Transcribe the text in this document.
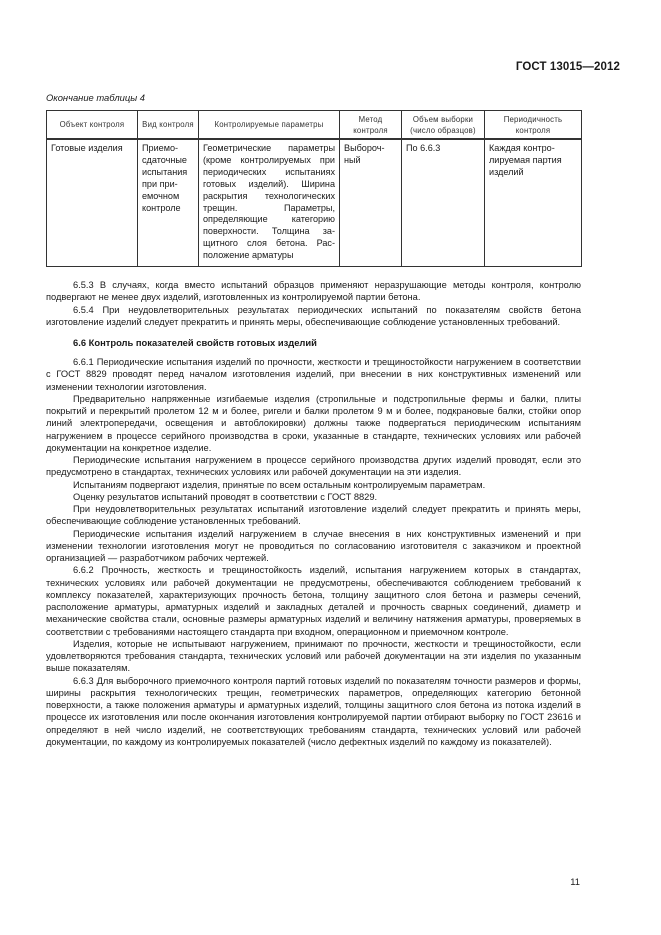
ГОСТ 13015—2012
Окончание таблицы 4
Объект контроля	Вид контроля	Контролируемые параметры	Метод контроля	Объем выборки (число образцов)	Периодичность контроля
Готовые изделия	Приемосдаточные испытания при приемочном контроле	Геометрические параметры (кроме контролируемых при периодических испытаниях готовых изделий). Ширина раскрытия технологических трещин. Параметры, определяющие категорию поверхности. Толщина защитного слоя бетона. Расположение арматуры	Выборочный	По 6.6.3	Каждая контролируемая партия изделий

6.5.3 В случаях, когда вместо испытаний образцов применяют неразрушающие методы контроля, контролю подвергают не менее двух изделий, изготовленных из контролируемой партии бетона.

6.5.4 При неудовлетворительных результатах периодических испытаний по показателям свойств бетона изготовление изделий следует прекратить и принять меры, обеспечивающие соблюдение установленных требований.

6.6 Контроль показателей свойств готовых изделий

6.6.1 Периодические испытания изделий по прочности, жесткости и трещиностойкости нагружением в соответствии с ГОСТ 8829 проводят перед началом изготовления изделий, при внесении в них конструктивных изменений или изменении технологии изготовления.

Предварительно напряженные изгибаемые изделия (стропильные и подстропильные фермы и балки, плиты покрытий и перекрытий пролетом 12 м и более, ригели и балки пролетом 9 м и более, подкрановые балки, стойки опор линий электропередачи, освещения и автоблокировки) должны также подвергаться периодическим испытаниям нагружением в процессе серийного производства в сроки, указанные в стандарте, технических условиях или рабочей документации на конкретное изделие.

Периодические испытания нагружением в процессе серийного производства других изделий проводят, если это предусмотрено в стандартах, технических условиях или рабочей документации на эти изделия.

Испытаниям подвергают изделия, принятые по всем остальным контролируемым параметрам.

Оценку результатов испытаний проводят в соответствии с ГОСТ 8829.

При неудовлетворительных результатах испытаний изготовление изделий следует прекратить и принять меры, обеспечивающие соблюдение установленных требований.

Периодические испытания изделий нагружением в случае внесения в них конструктивных изменений и при изменении технологии изготовления могут не проводиться по согласованию изготовителя с заказчиком и проектной организацией — разработчиком рабочих чертежей.

6.6.2 Прочность, жесткость и трещиностойкость изделий, испытания нагружением которых в стандартах, технических условиях или рабочей документации не предусмотрены, обеспечиваются соблюдением требований к комплексу показателей, характеризующих прочность бетона, толщину защитного слоя бетона и размеры сечений, расположение арматуры, арматурных изделий и закладных деталей и прочность сварных соединений, диаметр и механические свойства стали, основные размеры арматурных изделий и величину натяжения арматуры, проверяемых в соответствии с требованиями настоящего стандарта при входном, операционном и приемочном контроле.

Изделия, которые не испытывают нагружением, принимают по прочности, жесткости и трещиностойкости, если удовлетворяются требования стандарта, технических условий или рабочей документации на эти изделия по указанным выше показателям.

6.6.3 Для выборочного приемочного контроля партий готовых изделий по показателям точности размеров и формы, ширины раскрытия технологических трещин, геометрических параметров, определяющих категорию бетонной поверхности, а также положения арматуры и арматурных изделий, толщины защитного слоя бетона из потока изделий в процессе их изготовления или после окончания изготовления контролируемой партии отбирают выборку по ГОСТ 23616 и определяют в ней число изделий, не соответствующих требованиям стандарта, технических условий или рабочей документации, по каждому из контролируемых показателей (число дефектных изделий по каждому из показателей).

11
